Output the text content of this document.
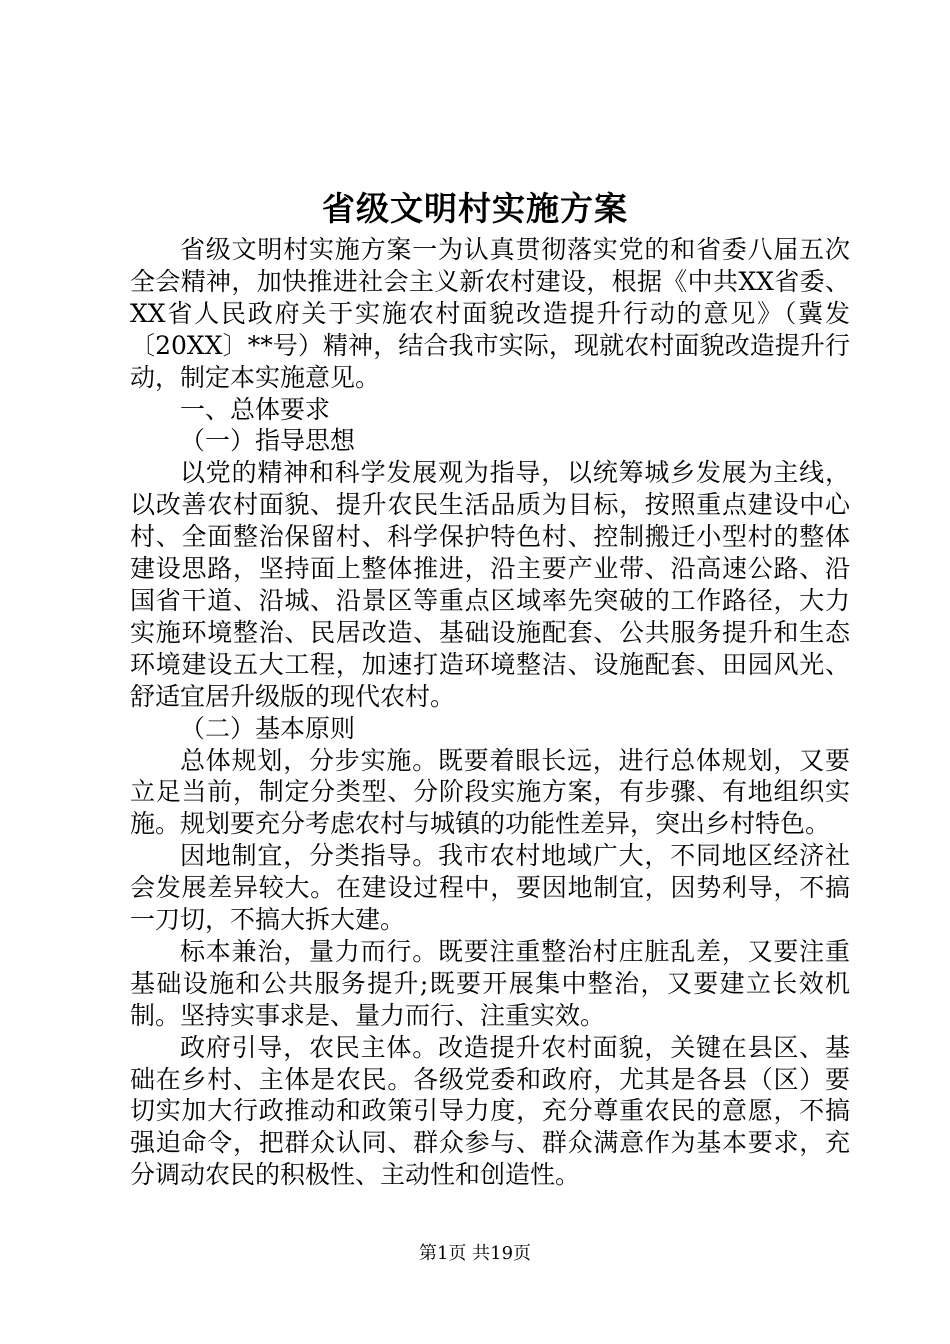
省级文明村实施方案

省级文明村实施方案一为认真贯彻落实党的和省委八届五次全会精神，加快推进社会主义新农村建设，根据《中共XX省委、XX省人民政府关于实施农村面貌改造提升行动的意见》（冀发〔20XX〕**号）精神，结合我市实际，现就农村面貌改造提升行动，制定本实施意见。

一、总体要求

（一）指导思想

以党的精神和科学发展观为指导，以统筹城乡发展为主线，以改善农村面貌、提升农民生活品质为目标，按照重点建设中心村、全面整治保留村、科学保护特色村、控制搬迁小型村的整体建设思路，坚持面上整体推进，沿主要产业带、沿高速公路、沿国省干道、沿城、沿景区等重点区域率先突破的工作路径，大力实施环境整治、民居改造、基础设施配套、公共服务提升和生态环境建设五大工程，加速打造环境整洁、设施配套、田园风光、舒适宜居升级版的现代农村。

（二）基本原则

总体规划，分步实施。既要着眼长远，进行总体规划，又要立足当前，制定分类型、分阶段实施方案，有步骤、有地组织实施。规划要充分考虑农村与城镇的功能性差异，突出乡村特色。

因地制宜，分类指导。我市农村地域广大，不同地区经济社会发展差异较大。在建设过程中，要因地制宜，因势利导，不搞一刀切，不搞大拆大建。

标本兼治，量力而行。既要注重整治村庄脏乱差，又要注重基础设施和公共服务提升;既要开展集中整治，又要建立长效机制。坚持实事求是、量力而行、注重实效。

政府引导，农民主体。改造提升农村面貌，关键在县区、基础在乡村、主体是农民。各级党委和政府，尤其是各县（区）要切实加大行政推动和政策引导力度，充分尊重农民的意愿，不搞强迫命令，把群众认同、群众参与、群众满意作为基本要求，充分调动农民的积极性、主动性和创造性。

第1页 共19页
